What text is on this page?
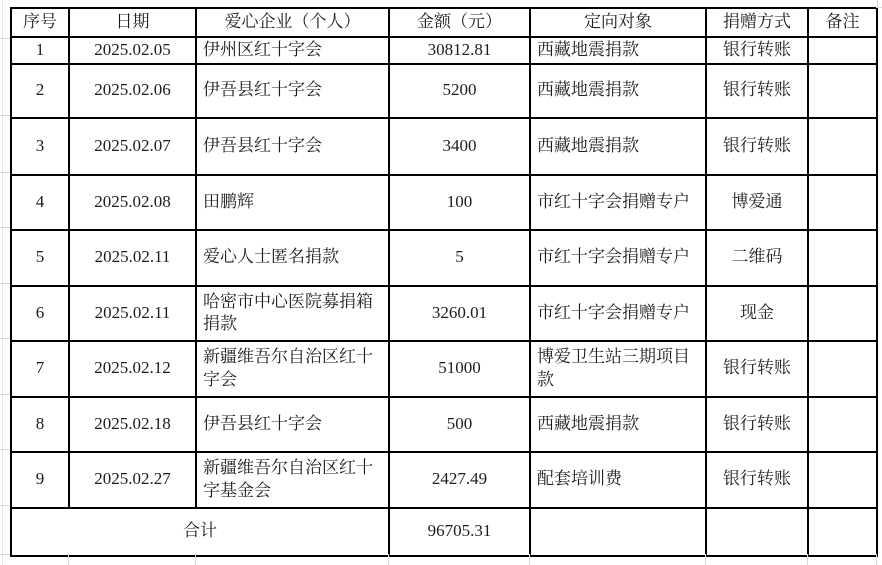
序号	日期	爱心企业（个人）	金额（元）	定向对象	捐赠方式	备注
1	2025.02.05	伊州区红十字会	30812.81	西藏地震捐款	银行转账	
2	2025.02.06	伊吾县红十字会	5200	西藏地震捐款	银行转账	
3	2025.02.07	伊吾县红十字会	3400	西藏地震捐款	银行转账	
4	2025.02.08	田鹏辉	100	市红十字会捐赠专户	博爱通	
5	2025.02.11	爱心人士匿名捐款	5	市红十字会捐赠专户	二维码	
6	2025.02.11	哈密市中心医院募捐箱捐款	3260.01	市红十字会捐赠专户	现金	
7	2025.02.12	新疆维吾尔自治区红十字会	51000	博爱卫生站三期项目款	银行转账	
8	2025.02.18	伊吾县红十字会	500	西藏地震捐款	银行转账	
9	2025.02.27	新疆维吾尔自治区红十字基金会	2427.49	配套培训费	银行转账	
合计			96705.31			
